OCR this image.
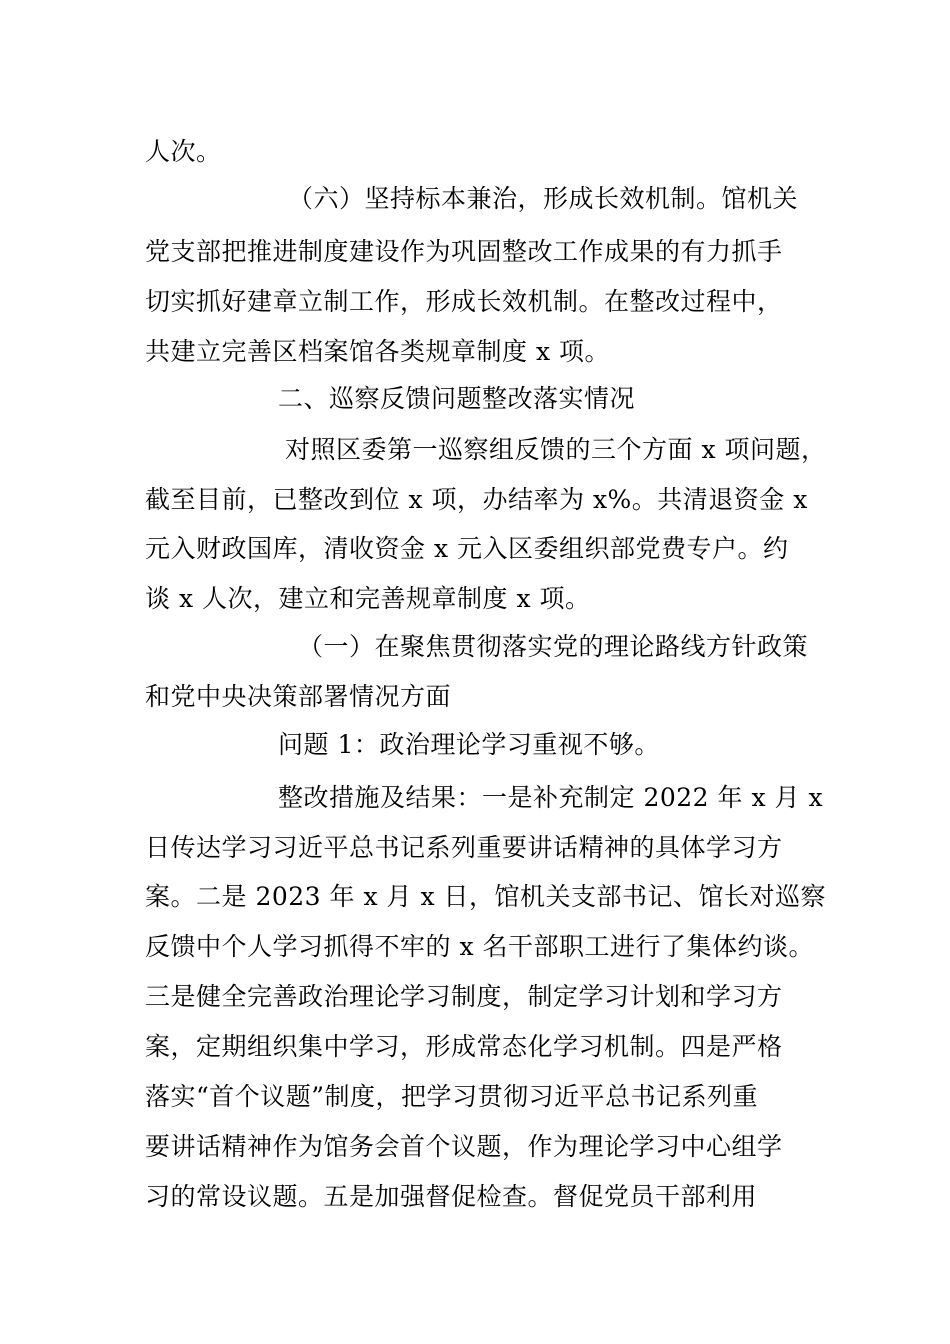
人次。
（六）坚持标本兼治，形成长效机制。馆机关
党支部把推进制度建设作为巩固整改工作成果的有力抓手
切实抓好建章立制工作，形成长效机制。在整改过程中，
共建立完善区档案馆各类规章制度 x 项。
二、巡察反馈问题整改落实情况
对照区委第一巡察组反馈的三个方面 x 项问题，
截至目前，已整改到位 x 项，办结率为 x%。共清退资金 x
元入财政国库，清收资金 x 元入区委组织部党费专户。约
谈 x 人次，建立和完善规章制度 x 项。
（一）在聚焦贯彻落实党的理论路线方针政策
和党中央决策部署情况方面
问题 1：政治理论学习重视不够。
整改措施及结果：一是补充制定 2022 年 x 月 x
日传达学习习近平总书记系列重要讲话精神的具体学习方
案。二是 2023 年 x 月 x 日，馆机关支部书记、馆长对巡察
反馈中个人学习抓得不牢的 x 名干部职工进行了集体约谈。
三是健全完善政治理论学习制度，制定学习计划和学习方
案，定期组织集中学习，形成常态化学习机制。四是严格
落实“首个议题”制度，把学习贯彻习近平总书记系列重
要讲话精神作为馆务会首个议题，作为理论学习中心组学
习的常设议题。五是加强督促检查。督促党员干部利用
